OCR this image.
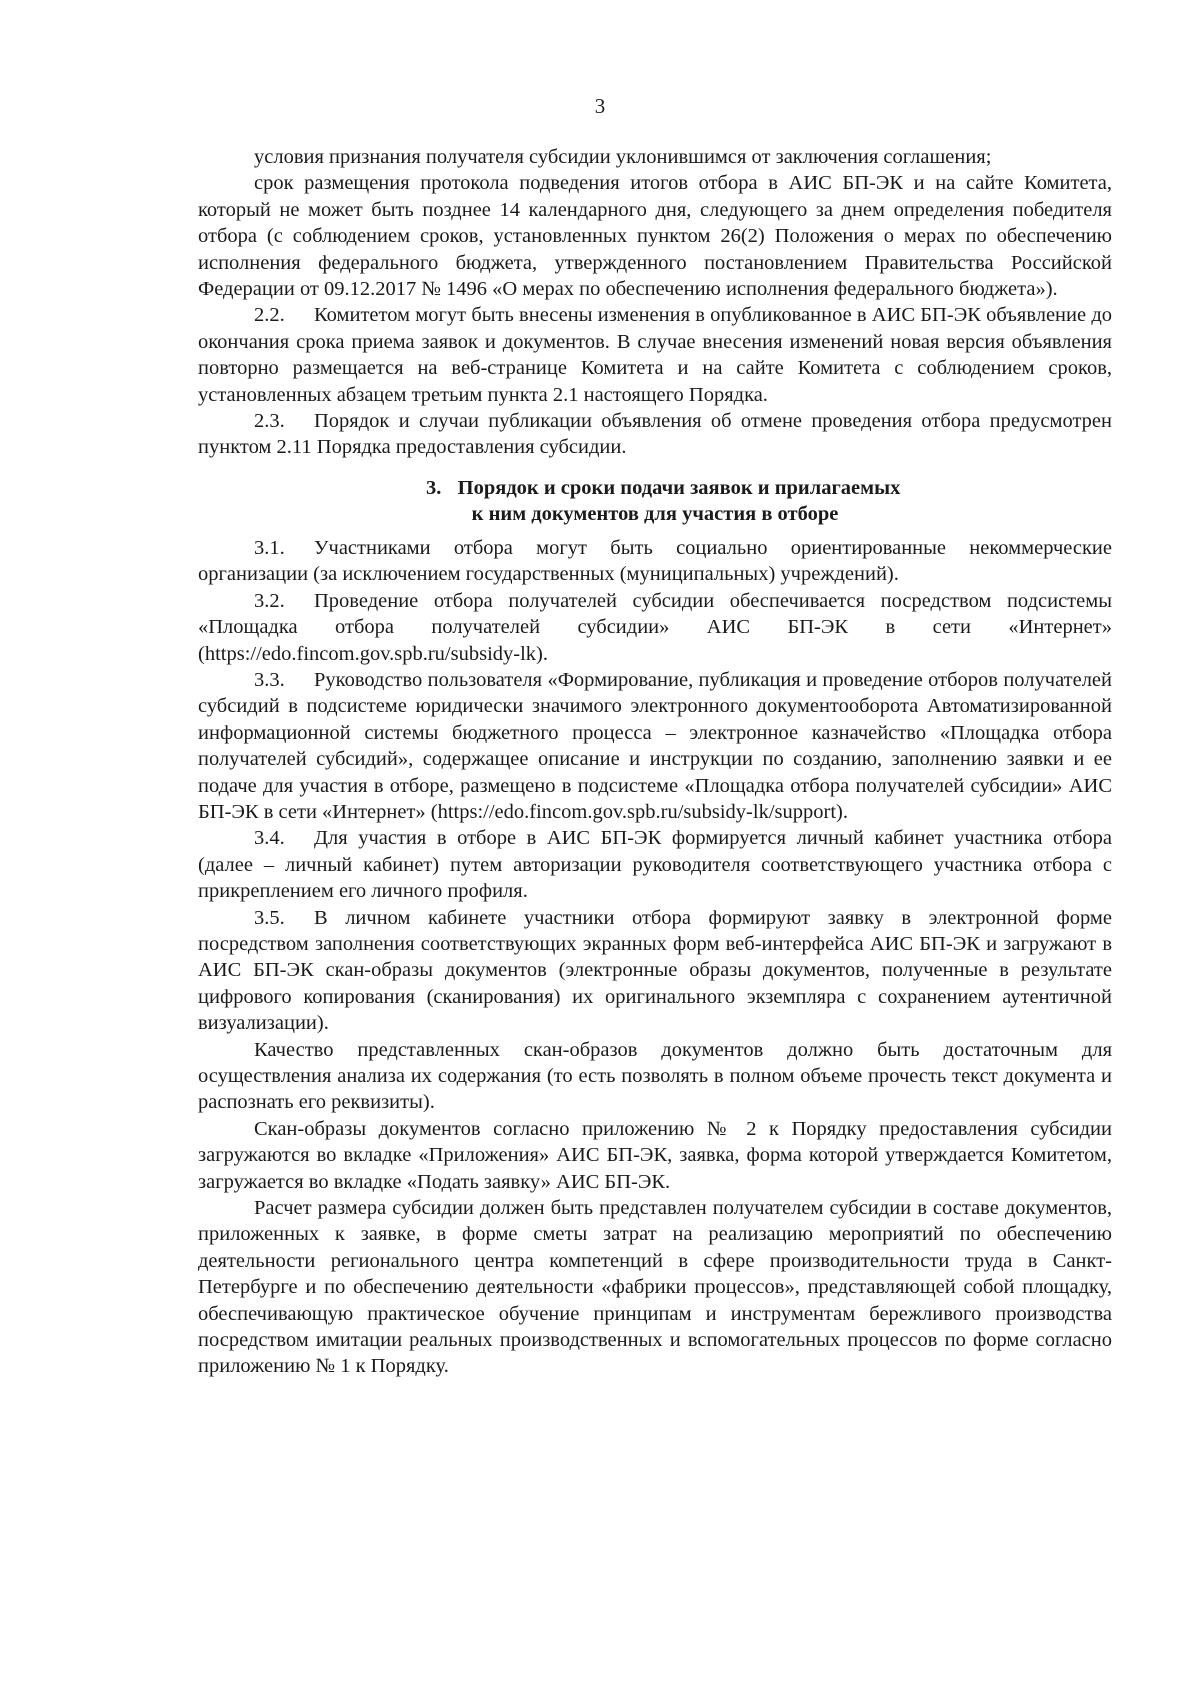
3

условия признания получателя субсидии уклонившимся от заключения соглашения;

срок размещения протокола подведения итогов отбора в АИС БП-ЭК и на сайте Комитета, который не может быть позднее 14 календарного дня, следующего за днем определения победителя отбора (с соблюдением сроков, установленных пунктом 26(2) Положения о мерах по обеспечению исполнения федерального бюджета, утвержденного постановлением Правительства Российской Федерации от 09.12.2017 № 1496 «О мерах по обеспечению исполнения федерального бюджета»).

2.2. Комитетом могут быть внесены изменения в опубликованное в АИС БП-ЭК объявление до окончания срока приема заявок и документов. В случае внесения изменений новая версия объявления повторно размещается на веб-странице Комитета и на сайте Комитета с соблюдением сроков, установленных абзацем третьим пункта 2.1 настоящего Порядка.

2.3. Порядок и случаи публикации объявления об отмене проведения отбора предусмотрен пунктом 2.11 Порядка предоставления субсидии.

3. Порядок и сроки подачи заявок и прилагаемых
к ним документов для участия в отборе

3.1. Участниками отбора могут быть социально ориентированные некоммерческие организации (за исключением государственных (муниципальных) учреждений).

3.2. Проведение отбора получателей субсидии обеспечивается посредством подсистемы «Площадка отбора получателей субсидии» АИС БП-ЭК в сети «Интернет» (https://edo.fincom.gov.spb.ru/subsidy-lk).

3.3. Руководство пользователя «Формирование, публикация и проведение отборов получателей субсидий в подсистеме юридически значимого электронного документооборота Автоматизированной информационной системы бюджетного процесса – электронное казначейство «Площадка отбора получателей субсидий», содержащее описание и инструкции по созданию, заполнению заявки и ее подаче для участия в отборе, размещено в подсистеме «Площадка отбора получателей субсидии» АИС БП-ЭК в сети «Интернет» (https://edo.fincom.gov.spb.ru/subsidy-lk/support).

3.4. Для участия в отборе в АИС БП-ЭК формируется личный кабинет участника отбора (далее – личный кабинет) путем авторизации руководителя соответствующего участника отбора с прикреплением его личного профиля.

3.5. В личном кабинете участники отбора формируют заявку в электронной форме посредством заполнения соответствующих экранных форм веб-интерфейса АИС БП-ЭК и загружают в АИС БП-ЭК скан-образы документов (электронные образы документов, полученные в результате цифрового копирования (сканирования) их оригинального экземпляра с сохранением аутентичной визуализации).

Качество представленных скан-образов документов должно быть достаточным для осуществления анализа их содержания (то есть позволять в полном объеме прочесть текст документа и распознать его реквизиты).

Скан-образы документов согласно приложению № 2 к Порядку предоставления субсидии загружаются во вкладке «Приложения» АИС БП-ЭК, заявка, форма которой утверждается Комитетом, загружается во вкладке «Подать заявку» АИС БП-ЭК.

Расчет размера субсидии должен быть представлен получателем субсидии в составе документов, приложенных к заявке, в форме сметы затрат на реализацию мероприятий по обеспечению деятельности регионального центра компетенций в сфере производительности труда в Санкт-Петербурге и по обеспечению деятельности «фабрики процессов», представляющей собой площадку, обеспечивающую практическое обучение принципам и инструментам бережливого производства посредством имитации реальных производственных и вспомогательных процессов по форме согласно приложению № 1 к Порядку.
